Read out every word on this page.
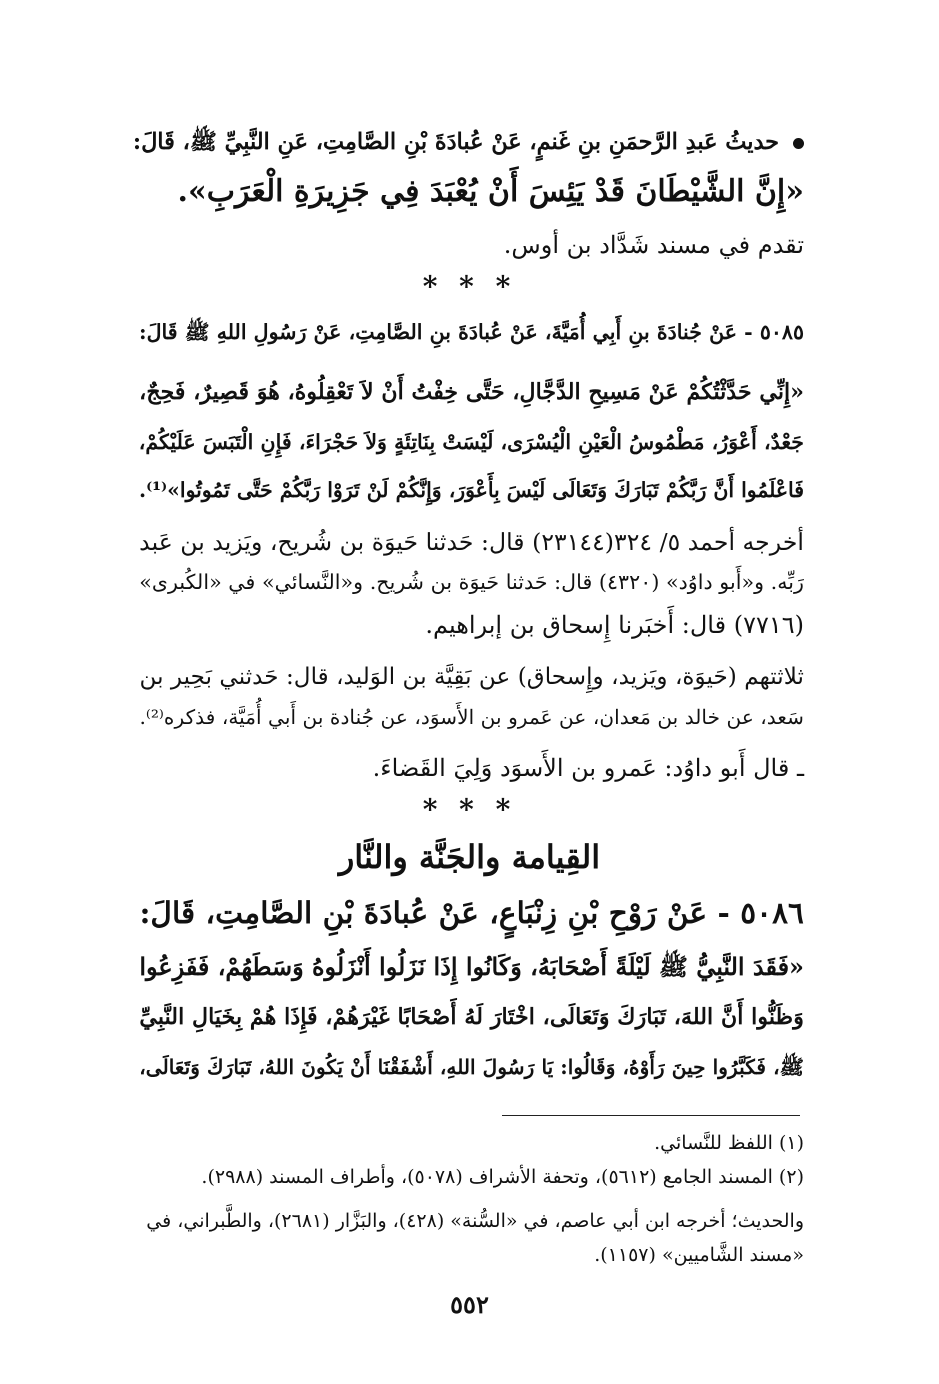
حديثُ عَبدِ الرَّحمَنِ بنِ غَنمٍ، عَنْ عُبادَةَ بْنِ الصَّامِتِ، عَنِ النَّبِيِّ ﷺ، قَالَ:

«إِنَّ الشَّيْطَانَ قَدْ يَئِسَ أَنْ يُعْبَدَ فِي جَزِيرَةِ الْعَرَبِ».

تقدم في مسند شَدَّاد بن أوس.

* * *

٥٠٨٥ - عَنْ جُنادَةَ بنِ أَبِي أُمَيَّةَ، عَنْ عُبادَةَ بنِ الصَّامِتِ، عَنْ رَسُولِ اللهِ ﷺ قَالَ:

«إِنِّي حَدَّثْتُكُمْ عَنْ مَسِيحِ الدَّجَّالِ، حَتَّى خِفْتُ أَنْ لاَ تَعْقِلُوهُ، هُوَ قَصِيرٌ، فَحِجٌ،

جَعْدٌ، أَعْوَرُ، مَطْمُوسُ الْعَيْنِ الْيُسْرَى، لَيْسَتْ بِنَاتِئَةٍ وَلاَ حَجْرَاءَ، فَإِنِ الْتَبَسَ عَلَيْكُمْ،

فَاعْلَمُوا أَنَّ رَبَّكُمْ تَبَارَكَ وَتَعَالَى لَيْسَ بِأَعْوَرَ، وَإِنَّكُمْ لَنْ تَرَوْا رَبَّكُمْ حَتَّى تَمُوتُوا»⁽¹⁾.

أخرجه أحمد ٥/ ٣٢٤(٢٣١٤٤) قال: حَدثنا حَيوَة بن شُريح، ويَزيد بن عَبد

رَبِّه. و«أَبو داوُد» (٤٣٢٠) قال: حَدثنا حَيوَة بن شُريح. و«النَّسائي» في «الكُبرى»

(٧٧١٦) قال: أَخبَرنا إِسحاق بن إبراهيم.

ثلاثتهم (حَيوَة، ويَزيد، وإِسحاق) عن بَقِيَّة بن الوَليد، قال: حَدثني بَحِير بن

سَعد، عن خالد بن مَعدان، عن عَمرو بن الأَسوَد، عن جُنادة بن أَبي أُمَيَّة، فذكره⁽²⁾.

ـ قال أَبو داوُد: عَمرو بن الأَسوَد وَلِيَ القَضاءَ.

* * *
القِيامة والجَنَّة والنَّار

٥٠٨٦ - عَنْ رَوْحِ بْنِ زِنْبَاعٍ، عَنْ عُبادَةَ بْنِ الصَّامِتِ، قَالَ:

«فَقَدَ النَّبِيُّ ﷺ لَيْلَةً أَصْحَابَهُ، وَكَانُوا إِذَا نَزَلُوا أَنْزَلُوهُ وَسَطَهُمْ، فَفَزِعُوا

وَظَنُّوا أَنَّ اللهَ، تَبَارَكَ وَتَعَالَى، اخْتَارَ لَهُ أَصْحَابًا غَيْرَهُمْ، فَإِذَا هُمْ بِخَيَالِ النَّبِيِّ

ﷺ، فَكَبَّرُوا حِينَ رَأَوْهُ، وَقَالُوا: يَا رَسُولَ اللهِ، أَشْفَقْنَا أَنْ يَكُونَ اللهُ، تَبَارَكَ وَتَعَالَى،

(١) اللفظ للنَّسائي.

(٢) المسند الجامع (٥٦١٢)، وتحفة الأشراف (٥٠٧٨)، وأطراف المسند (٢٩٨٨).

والحديث؛ أخرجه ابن أبي عاصم، في «السُّنة» (٤٢٨)، والبَزَّار (٢٦٨١)، والطَّبراني، في

«مسند الشَّاميين» (١١٥٧).

٥٥٢
